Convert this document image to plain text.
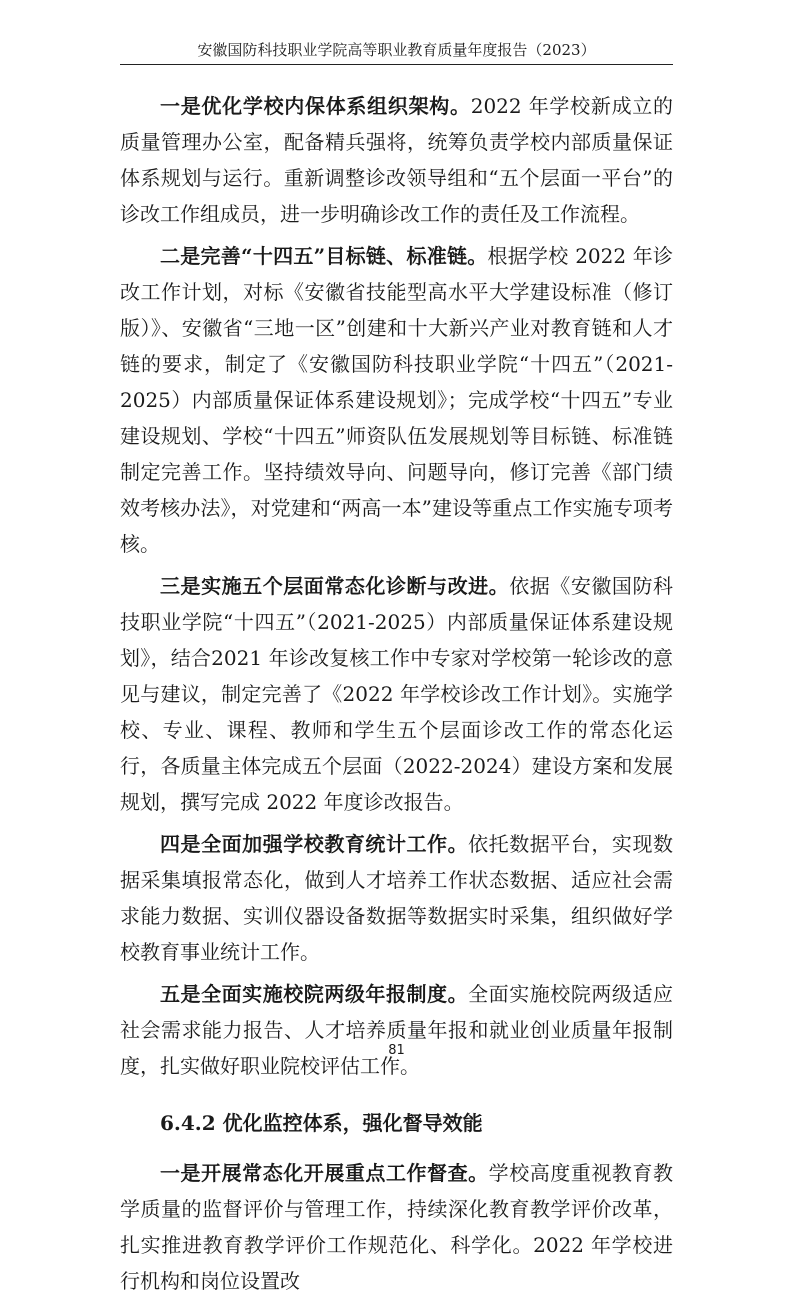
安徽国防科技职业学院高等职业教育质量年度报告（2023）

一是优化学校内保体系组织架构。2022 年学校新成立的质量管理办公室，配备精兵强将，统筹负责学校内部质量保证体系规划与运行。重新调整诊改领导组和“五个层面一平台”的诊改工作组成员，进一步明确诊改工作的责任及工作流程。

二是完善“十四五”目标链、标准链。根据学校 2022 年诊改工作计划，对标《安徽省技能型高水平大学建设标准（修订版）》、安徽省“三地一区”创建和十大新兴产业对教育链和人才链的要求，制定了《安徽国防科技职业学院“十四五”（2021-2025）内部质量保证体系建设规划》；完成学校“十四五”专业建设规划、学校“十四五”师资队伍发展规划等目标链、标准链制定完善工作。坚持绩效导向、问题导向，修订完善《部门绩效考核办法》，对党建和“两高一本”建设等重点工作实施专项考核。

三是实施五个层面常态化诊断与改进。依据《安徽国防科技职业学院“十四五”（2021-2025）内部质量保证体系建设规划》，结合2021 年诊改复核工作中专家对学校第一轮诊改的意见与建议，制定完善了《2022 年学校诊改工作计划》。实施学校、专业、课程、教师和学生五个层面诊改工作的常态化运行，各质量主体完成五个层面（2022-2024）建设方案和发展规划，撰写完成 2022 年度诊改报告。

四是全面加强学校教育统计工作。依托数据平台，实现数据采集填报常态化，做到人才培养工作状态数据、适应社会需求能力数据、实训仪器设备数据等数据实时采集，组织做好学校教育事业统计工作。

五是全面实施校院两级年报制度。全面实施校院两级适应社会需求能力报告、人才培养质量年报和就业创业质量年报制度，扎实做好职业院校评估工作。

6.4.2 优化监控体系，强化督导效能

一是开展常态化开展重点工作督查。学校高度重视教育教学质量的监督评价与管理工作，持续深化教育教学评价改革，扎实推进教育教学评价工作规范化、科学化。2022 年学校进行机构和岗位设置改

81
